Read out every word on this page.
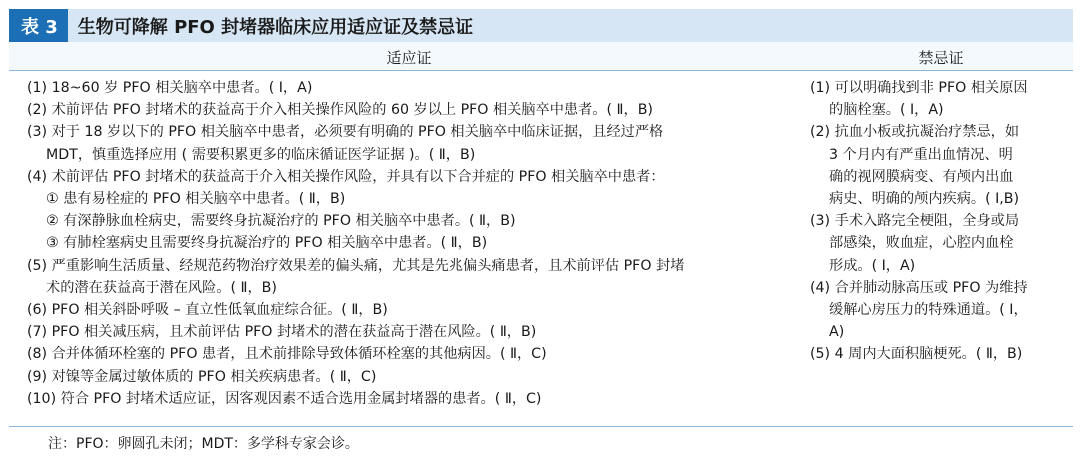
表 3	生物可降解 PFO 封堵器临床应用适应证及禁忌证
适应证	禁忌证
(1) 18~60 岁 PFO 相关脑卒中患者。( Ⅰ，A)
(2) 术前评估 PFO 封堵术的获益高于介入相关操作风险的 60 岁以上 PFO 相关脑卒中患者。( Ⅱ，B)
(3) 对于 18 岁以下的 PFO 相关脑卒中患者，必须要有明确的 PFO 相关脑卒中临床证据，且经过严格
MDT，慎重选择应用 ( 需要积累更多的临床循证医学证据 )。( Ⅱ，B)
(4) 术前评估 PFO 封堵术的获益高于介入相关操作风险，并具有以下合并症的 PFO 相关脑卒中患者：
① 患有易栓症的 PFO 相关脑卒中患者。( Ⅱ，B)
② 有深静脉血栓病史，需要终身抗凝治疗的 PFO 相关脑卒中患者。( Ⅱ，B)
③ 有肺栓塞病史且需要终身抗凝治疗的 PFO 相关脑卒中患者。( Ⅱ，B)
(5) 严重影响生活质量、经规范药物治疗效果差的偏头痛，尤其是先兆偏头痛患者，且术前评估 PFO 封堵
术的潜在获益高于潜在风险。( Ⅱ，B)
(6) PFO 相关斜卧呼吸 – 直立性低氧血症综合征。( Ⅱ，B)
(7) PFO 相关减压病，且术前评估 PFO 封堵术的潜在获益高于潜在风险。( Ⅱ，B)
(8) 合并体循环栓塞的 PFO 患者，且术前排除导致体循环栓塞的其他病因。( Ⅱ，C)
(9) 对镍等金属过敏体质的 PFO 相关疾病患者。( Ⅱ，C)
(10) 符合 PFO 封堵术适应证，因客观因素不适合选用金属封堵器的患者。( Ⅱ，C)
(1) 可以明确找到非 PFO 相关原因
的脑栓塞。( Ⅰ，A)
(2) 抗血小板或抗凝治疗禁忌，如
3 个月内有严重出血情况、明
确的视网膜病变、有颅内出血
病史、明确的颅内疾病。( Ⅰ,B)
(3) 手术入路完全梗阻，全身或局
部感染，败血症，心腔内血栓
形成。( Ⅰ，A)
(4) 合并肺动脉高压或 PFO 为维持
缓解心房压力的特殊通道。( Ⅰ，
A)
(5) 4 周内大面积脑梗死。( Ⅱ，B)
注：PFO：卵圆孔未闭；MDT：多学科专家会诊。
